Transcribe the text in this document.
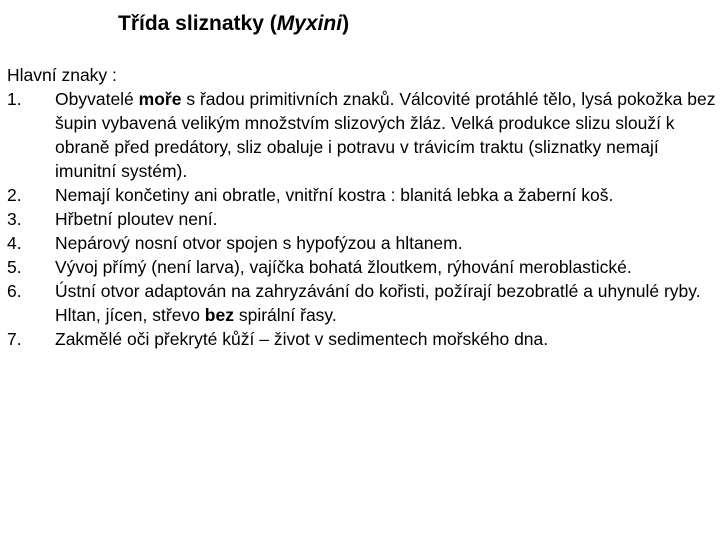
Třída sliznatky (Myxini)

Hlavní znaky :

1. Obyvatelé moře s řadou primitivních znaků. Válcovité protáhlé tělo, lysá pokožka bez šupin vybavená velikým množstvím slizových žláz. Velká produkce slizu slouží k obraně před predátory, sliz obaluje i potravu v trávicím traktu (sliznatky nemají imunitní systém).
2. Nemají končetiny ani obratle, vnitřní kostra : blanitá lebka a žaberní koš.
3. Hřbetní ploutev není.
4. Nepárový nosní otvor spojen s hypofýzou a hltanem.
5. Vývoj přímý (není larva), vajíčka bohatá žloutkem, rýhování meroblastické.
6. Ústní otvor adaptován na zahryzávání do kořisti, požírají bezobratlé a uhynulé ryby. Hltan, jícen, střevo bez spirální řasy.
7. Zakmělé oči překryté kůží – život v sedimentech mořského dna.
